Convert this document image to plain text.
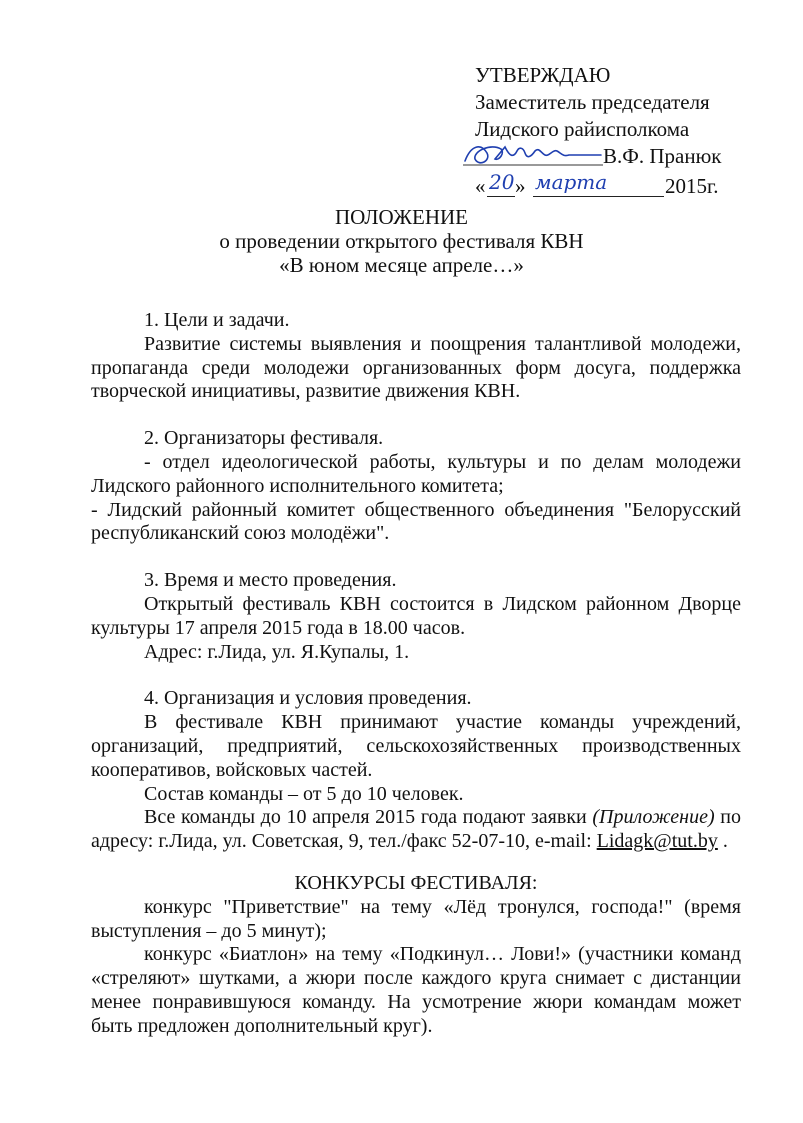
УТВЕРЖДАЮ
Заместитель председателя
Лидского райисполкома
В.Ф. Пранюк
« 20 » марта	2015г.
ПОЛОЖЕНИЕ
о проведении открытого фестиваля КВН
«В юном месяце апреле…»

1. Цели и задачи.

Развитие системы выявления и поощрения талантливой молодежи, пропаганда среди молодежи организованных форм досуга, поддержка творческой инициативы, развитие движения КВН.

2. Организаторы фестиваля.

- отдел идеологической работы, культуры и по делам молодежи Лидского районного исполнительного комитета;

- Лидский районный комитет общественного объединения "Белорусский республиканский союз молодёжи".

3. Время и место проведения.

Открытый фестиваль КВН состоится в Лидском районном Дворце культуры 17 апреля 2015 года в 18.00 часов.

Адрес: г.Лида, ул. Я.Купалы, 1.

4. Организация и условия проведения.

В фестивале КВН принимают участие команды учреждений, организаций, предприятий, сельскохозяйственных производственных кооперативов, войсковых частей.

Состав команды – от 5 до 10 человек.

Все команды до 10 апреля 2015 года подают заявки (Приложение) по адресу: г.Лида, ул. Советская, 9, тел./факс 52-07-10, e-mail: Lidagk@tut.by .

КОНКУРСЫ ФЕСТИВАЛЯ:

конкурс "Приветствие" на тему «Лёд тронулся, господа!" (время выступления – до 5 минут);

конкурс «Биатлон» на тему «Подкинул… Лови!» (участники команд «стреляют» шутками, а жюри после каждого круга снимает с дистанции менее понравившуюся команду. На усмотрение жюри командам может быть предложен дополнительный круг).
